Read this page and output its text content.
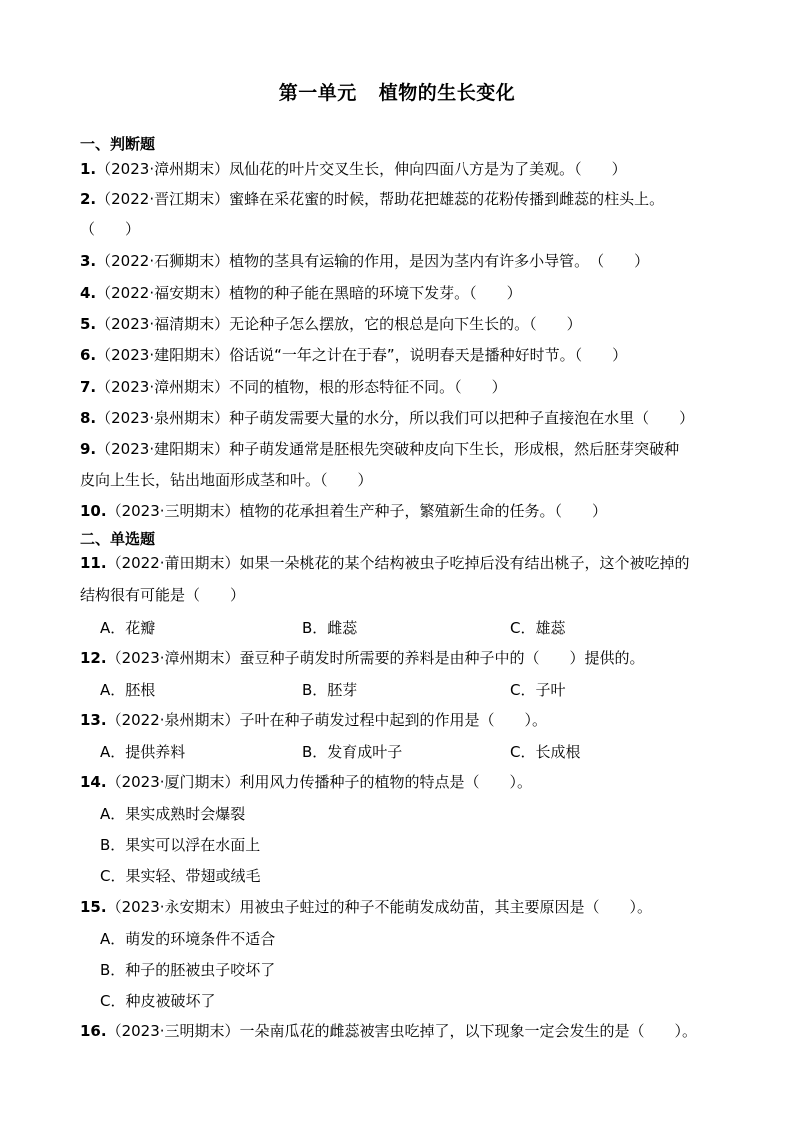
第一单元 植物的生长变化
一、判断题
1.（2023·漳州期末）凤仙花的叶片交叉生长，伸向四面八方是为了美观。（　　）
2.（2022·晋江期末）蜜蜂在采花蜜的时候，帮助花把雄蕊的花粉传播到雌蕊的柱头上。
（　　）
3.（2022·石狮期末）植物的茎具有运输的作用，是因为茎内有许多小导管。　（　　）
4.（2022·福安期末）植物的种子能在黑暗的环境下发芽。（　　）
5.（2023·福清期末）无论种子怎么摆放，它的根总是向下生长的。（　　）
6.（2023·建阳期末）俗话说“一年之计在于春”，说明春天是播种好时节。（　　）
7.（2023·漳州期末）不同的植物，根的形态特征不同。（　　）
8.（2023·泉州期末）种子萌发需要大量的水分，所以我们可以把种子直接泡在水里（　　）
9.（2023·建阳期末）种子萌发通常是胚根先突破种皮向下生长，形成根，然后胚芽突破种
皮向上生长，钻出地面形成茎和叶。（　　）
10.（2023·三明期末）植物的花承担着生产种子，繁殖新生命的任务。（　　）
二、单选题
11.（2022·莆田期末）如果一朵桃花的某个结构被虫子吃掉后没有结出桃子，这个被吃掉的
结构很有可能是（　　）
A．花瓣	B．雌蕊	C．雄蕊
12.（2023·漳州期末）蚕豆种子萌发时所需要的养料是由种子中的（　　）提供的。
A．胚根	B．胚芽	C．子叶
13.（2022·泉州期末）子叶在种子萌发过程中起到的作用是（　　）。
A．提供养料	B．发育成叶子	C．长成根
14.（2023·厦门期末）利用风力传播种子的植物的特点是（　　）。
A．果实成熟时会爆裂
B．果实可以浮在水面上
C．果实轻、带翅或绒毛
15.（2023·永安期末）用被虫子蛀过的种子不能萌发成幼苗，其主要原因是（　　）。
A．萌发的环境条件不适合
B．种子的胚被虫子咬坏了
C．种皮被破坏了
16.（2023·三明期末）一朵南瓜花的雌蕊被害虫吃掉了，以下现象一定会发生的是（　　）。
